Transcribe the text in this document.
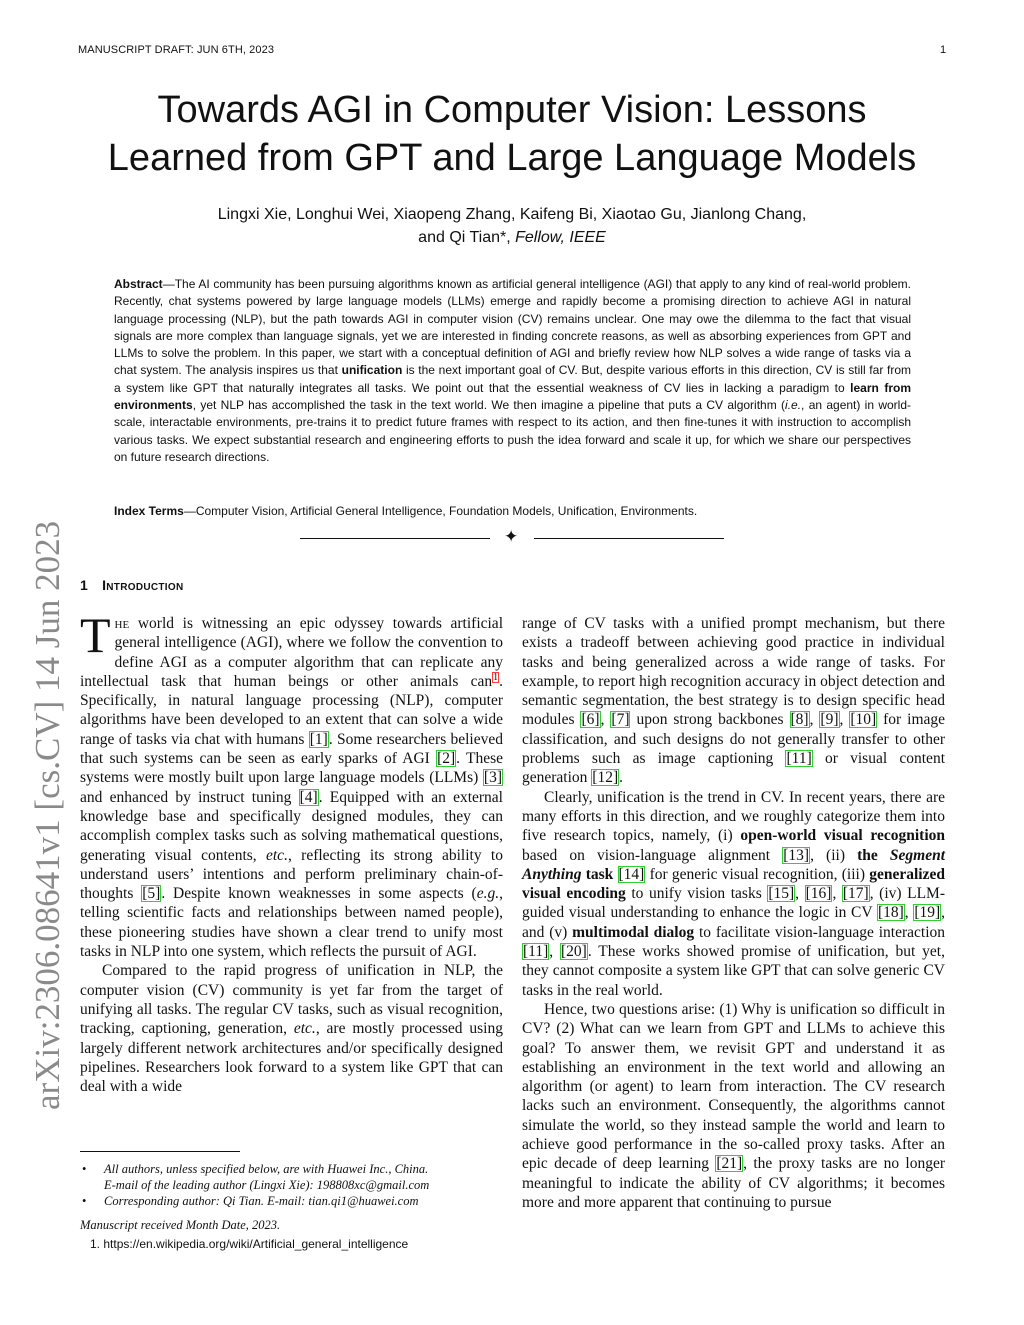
MANUSCRIPT DRAFT: JUN 6TH, 2023	1
Towards AGI in Computer Vision: Lessons
Learned from GPT and Large Language Models
Lingxi Xie, Longhui Wei, Xiaopeng Zhang, Kaifeng Bi, Xiaotao Gu, Jianlong Chang,
and Qi Tian*, Fellow, IEEE
Abstract—The AI community has been pursuing algorithms known as artificial general intelligence (AGI) that apply to any kind of real-world problem. Recently, chat systems powered by large language models (LLMs) emerge and rapidly become a promising direction to achieve AGI in natural language processing (NLP), but the path towards AGI in computer vision (CV) remains unclear. One may owe the dilemma to the fact that visual signals are more complex than language signals, yet we are interested in finding concrete reasons, as well as absorbing experiences from GPT and LLMs to solve the problem. In this paper, we start with a conceptual definition of AGI and briefly review how NLP solves a wide range of tasks via a chat system. The analysis inspires us that unification is the next important goal of CV. But, despite various efforts in this direction, CV is still far from a system like GPT that naturally integrates all tasks. We point out that the essential weakness of CV lies in lacking a paradigm to learn from environments, yet NLP has accomplished the task in the text world. We then imagine a pipeline that puts a CV algorithm (i.e., an agent) in world-scale, interactable environments, pre-trains it to predict future frames with respect to its action, and then fine-tunes it with instruction to accomplish various tasks. We expect substantial research and engineering efforts to push the idea forward and scale it up, for which we share our perspectives on future research directions.
Index Terms—Computer Vision, Artificial General Intelligence, Foundation Models, Unification, Environments.
✦
arXiv:2306.08641v1 [cs.CV] 14 Jun 2023 1 Introduction

The world is witnessing an epic odyssey towards artificial general intelligence (AGI), where we follow the convention to define AGI as a computer algorithm that can replicate any intellectual task that human beings or other animals can$^1$. Specifically, in natural language processing (NLP), computer algorithms have been developed to an extent that can solve a wide range of tasks via chat with humans [1]. Some researchers believed that such systems can be seen as early sparks of AGI [2]. These systems were mostly built upon large language models (LLMs) [3] and enhanced by instruct tuning [4]. Equipped with an external knowledge base and specifically designed modules, they can accomplish complex tasks such as solving mathematical questions, generating visual contents, etc., reflecting its strong ability to understand users’ intentions and perform preliminary chain-of-thoughts [5]. Despite known weaknesses in some aspects (e.g., telling scientific facts and relationships between named people), these pioneering studies have shown a clear trend to unify most tasks in NLP into one system, which reflects the pursuit of AGI.

Compared to the rapid progress of unification in NLP, the computer vision (CV) community is yet far from the target of unifying all tasks. The regular CV tasks, such as visual recognition, tracking, captioning, generation, etc., are mostly processed using largely different network architectures and/or specifically designed pipelines. Researchers look forward to a system like GPT that can deal with a wide

range of CV tasks with a unified prompt mechanism, but there exists a tradeoff between achieving good practice in individual tasks and being generalized across a wide range of tasks. For example, to report high recognition accuracy in object detection and semantic segmentation, the best strategy is to design specific head modules [6], [7] upon strong backbones [8], [9], [10] for image classification, and such designs do not generally transfer to other problems such as image captioning [11] or visual content generation [12].

Clearly, unification is the trend in CV. In recent years, there are many efforts in this direction, and we roughly categorize them into five research topics, namely, (i) open-world visual recognition based on vision-language alignment [13], (ii) the Segment Anything task [14] for generic visual recognition, (iii) generalized visual encoding to unify vision tasks [15], [16], [17], (iv) LLM-guided visual understanding to enhance the logic in CV [18], [19], and (v) multimodal dialog to facilitate vision-language interaction [11], [20]. These works showed promise of unification, but yet, they cannot composite a system like GPT that can solve generic CV tasks in the real world.

Hence, two questions arise: (1) Why is unification so difficult in CV? (2) What can we learn from GPT and LLMs to achieve this goal? To answer them, we revisit GPT and understand it as establishing an environment in the text world and allowing an algorithm (or agent) to learn from interaction. The CV research lacks such an environment. Consequently, the algorithms cannot simulate the world, so they instead sample the world and learn to achieve good performance in the so-called proxy tasks. After an epic decade of deep learning [21], the proxy tasks are no longer meaningful to indicate the ability of CV algorithms; it becomes more and more apparent that continuing to pursue

• All authors, unless specified below, are with Huawei Inc., China.
E-mail of the leading author (Lingxi Xie): 198808xc@gmail.com
• Corresponding author: Qi Tian. E-mail: tian.qi1@huawei.com
Manuscript received Month Date, 2023.
1. https://en.wikipedia.org/wiki/Artificial_general_intelligence
